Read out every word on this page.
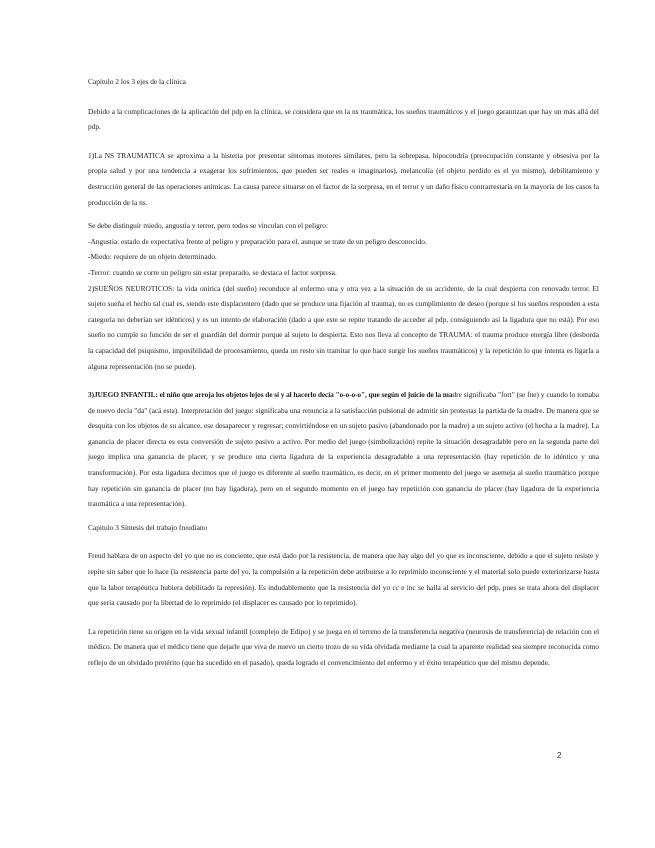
Capitulo 2 los 3 ejes de la clínica

Debido a la complicaciones de la aplicación del pdp en la clínica, se considera que en la ns traumática, los sueños traumáticos y el juego garantizan que hay un más allá del pdp.

1)La NS TRAUMATICA se aproxima a la histeria por presentar síntomas motores similares, pero la sobrepasa, hipocondría (preocupación constante y obsesiva por la propia salud y por una tendencia a exagerar los sufrimientos, que pueden ser reales o imaginarios), melancolía (el objeto perdido es el yo mismo), debilitamiento y destrucción general de las operaciones anímicas. La causa parece situarse en el factor de la sorpresa, en el terror y un daño físico contrarrestaría en la mayoría de los casos la producción de la ns.

Se debe distinguir miedo, angustia y terror, pero todos se vinculan con el peligro:

-Angustia: estado de expectativa frente al peligro y preparación para el, aunque se trate de un peligro desconocido.

-Miedo: requiere de un objeto determinado.

-Terror: cuando se corre un peligro sin estar preparado, se destaca el factor sorpresa.

2)SUEÑOS NEUROTICOS: la vida onírica (del sueño) reconduce al enfermo una y otra vez a la situación de su accidente, de la cual despierta con renovado terror. El sujeto sueña el hecho tal cual es, siendo este displacentero (dado que se produce una fijación al trauma), no es cumplimiento de deseo (porque si los sueños responden a esta categoría no deberían ser idénticos) y es un intento de elaboración (dado a que este se repite tratando de acceder al pdp, consiguiendo así la ligadura que no está). Por eso sueño no cumple su función de ser el guardián del dormir porque al sujeto lo despierta. Esto nos lleva al concepto de TRAUMA: el trauma produce energía libre (desborda la capacidad del psiquismo, imposibilidad de procesamiento, queda un resto sin tramitar lo que hace surgir los sueños traumáticos) y la repetición lo que intenta es ligarla a alguna representación (no se puede).

3)JUEGO INFANTIL: el niño que arroja los objetos lejos de sí y al hacerlo decía "o-o-o-o", que según el juicio de la madre significaba "fort" (se fue) y cuando lo tomaba de nuevo decía "da" (acá esta). Interpretación del juego: significaba una renuncia a la satisfacción pulsional de admitir sin protestas la partida de la madre. De manera que se desquita con los objetos de su alcance, ese desaparecer y regresar; convirtiéndose en un sujeto pasivo (abandonado por la madre) a un sujeto activo (el hecha a la madre). La ganancia de placer directa es esta conversión de sujeto pasivo a activo. Por medio del juego (simbolización) repite la situación desagradable pero en la segunda parte del juego implica una ganancia de placer, y se produce una cierta ligadura de la experiencia desagradable a una representación (hay repetición de lo idéntico y una transformación). Por esta ligadura decimos que el juego es diferente al sueño traumático, es decir, en el primer momento del juego se asemeja al sueño traumático porque hay repetición sin ganancia de placer (no hay ligadura), pero en el segundo momento en el juego hay repetición con ganancia de placer (hay ligadura de la experiencia traumática a una representación).

Capitulo 3 Síntesis del trabajo freudiano

Freud hablara de un aspecto del yo que no es conciente, que está dado por la resistencia, de manera que hay algo del yo que es inconsciente, debido a que el sujeto resiste y repite sin saber que lo hace (la resistencia parte del yo, la compulsión a la repetición debe atribuirse a lo reprimido inconsciente y el material solo puede exteriorizarse hasta que la labor terapéutica hubiera debilitado la represión). Es indudablemente que la resistencia del yo cc e inc se halla al servicio del pdp, pues se trata ahora del displacer que sería causado por la libertad de lo reprimido (el displacer es causado por lo reprimido).

La repetición tiene su origen en la vida sexual infantil (complejo de Edipo) y se juega en el terreno de la transferencia negativa (neurosis de transferencia) de relación con el médico. De manera que el médico tiene que dejarle que viva de nuevo un cierto trozo de su vida olvidada mediante la cual la aparente realidad sea siempre reconocida como reflejo de un olvidado pretérito (que ha sucedido en el pasado), queda logrado el convencimiento del enfermo y el éxito terapéutico que del mismo depende.

2
